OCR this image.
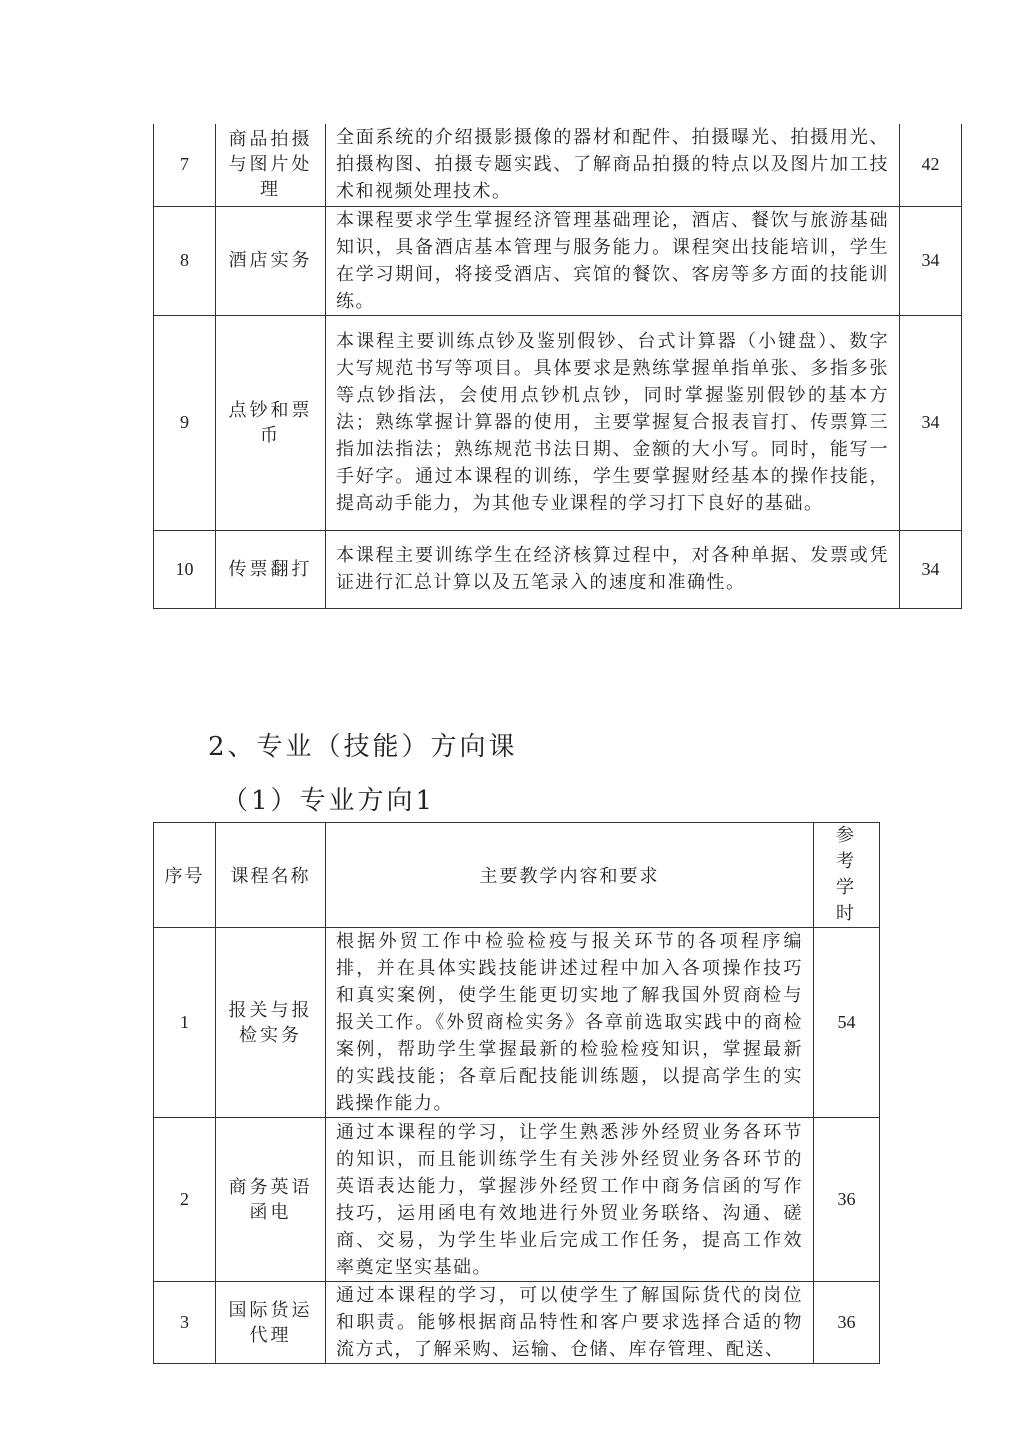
7	商品拍摄与图片处理	全面系统的介绍摄影摄像的器材和配件、拍摄曝光、拍摄用光、拍摄构图、拍摄专题实践、了解商品拍摄的特点以及图片加工技术和视频处理技术。	42
8	酒店实务	本课程要求学生掌握经济管理基础理论，酒店、餐饮与旅游基础知识，具备酒店基本管理与服务能力。课程突出技能培训，学生在学习期间，将接受酒店、宾馆的餐饮、客房等多方面的技能训练。	34
9	点钞和票币	本课程主要训练点钞及鉴别假钞、台式计算器（小键盘）、数字大写规范书写等项目。具体要求是熟练掌握单指单张、多指多张等点钞指法，会使用点钞机点钞，同时掌握鉴别假钞的基本方法；熟练掌握计算器的使用，主要掌握复合报表盲打、传票算三指加法指法；熟练规范书法日期、金额的大小写。同时，能写一手好字。通过本课程的训练，学生要掌握财经基本的操作技能，提高动手能力，为其他专业课程的学习打下良好的基础。	34
10	传票翻打	本课程主要训练学生在经济核算过程中，对各种单据、发票或凭证进行汇总计算以及五笔录入的速度和准确性。	34
2、专业（技能）方向课
（1）专业方向1
序号	课程名称	主要教学内容和要求	参考学时
1	报关与报检实务	根据外贸工作中检验检疫与报关环节的各项程序编排，并在具体实践技能讲述过程中加入各项操作技巧和真实案例，使学生能更切实地了解我国外贸商检与报关工作。《外贸商检实务》各章前选取实践中的商检案例，帮助学生掌握最新的检验检疫知识，掌握最新的实践技能；各章后配技能训练题，以提高学生的实践操作能力。	54
2	商务英语函电	通过本课程的学习，让学生熟悉涉外经贸业务各环节的知识，而且能训练学生有关涉外经贸业务各环节的英语表达能力，掌握涉外经贸工作中商务信函的写作技巧，运用函电有效地进行外贸业务联络、沟通、磋商、交易，为学生毕业后完成工作任务，提高工作效率奠定坚实基础。	36
3	国际货运代理	通过本课程的学习，可以使学生了解国际货代的岗位和职责。能够根据商品特性和客户要求选择合适的物流方式，了解采购、运输、仓储、库存管理、配送、	36
